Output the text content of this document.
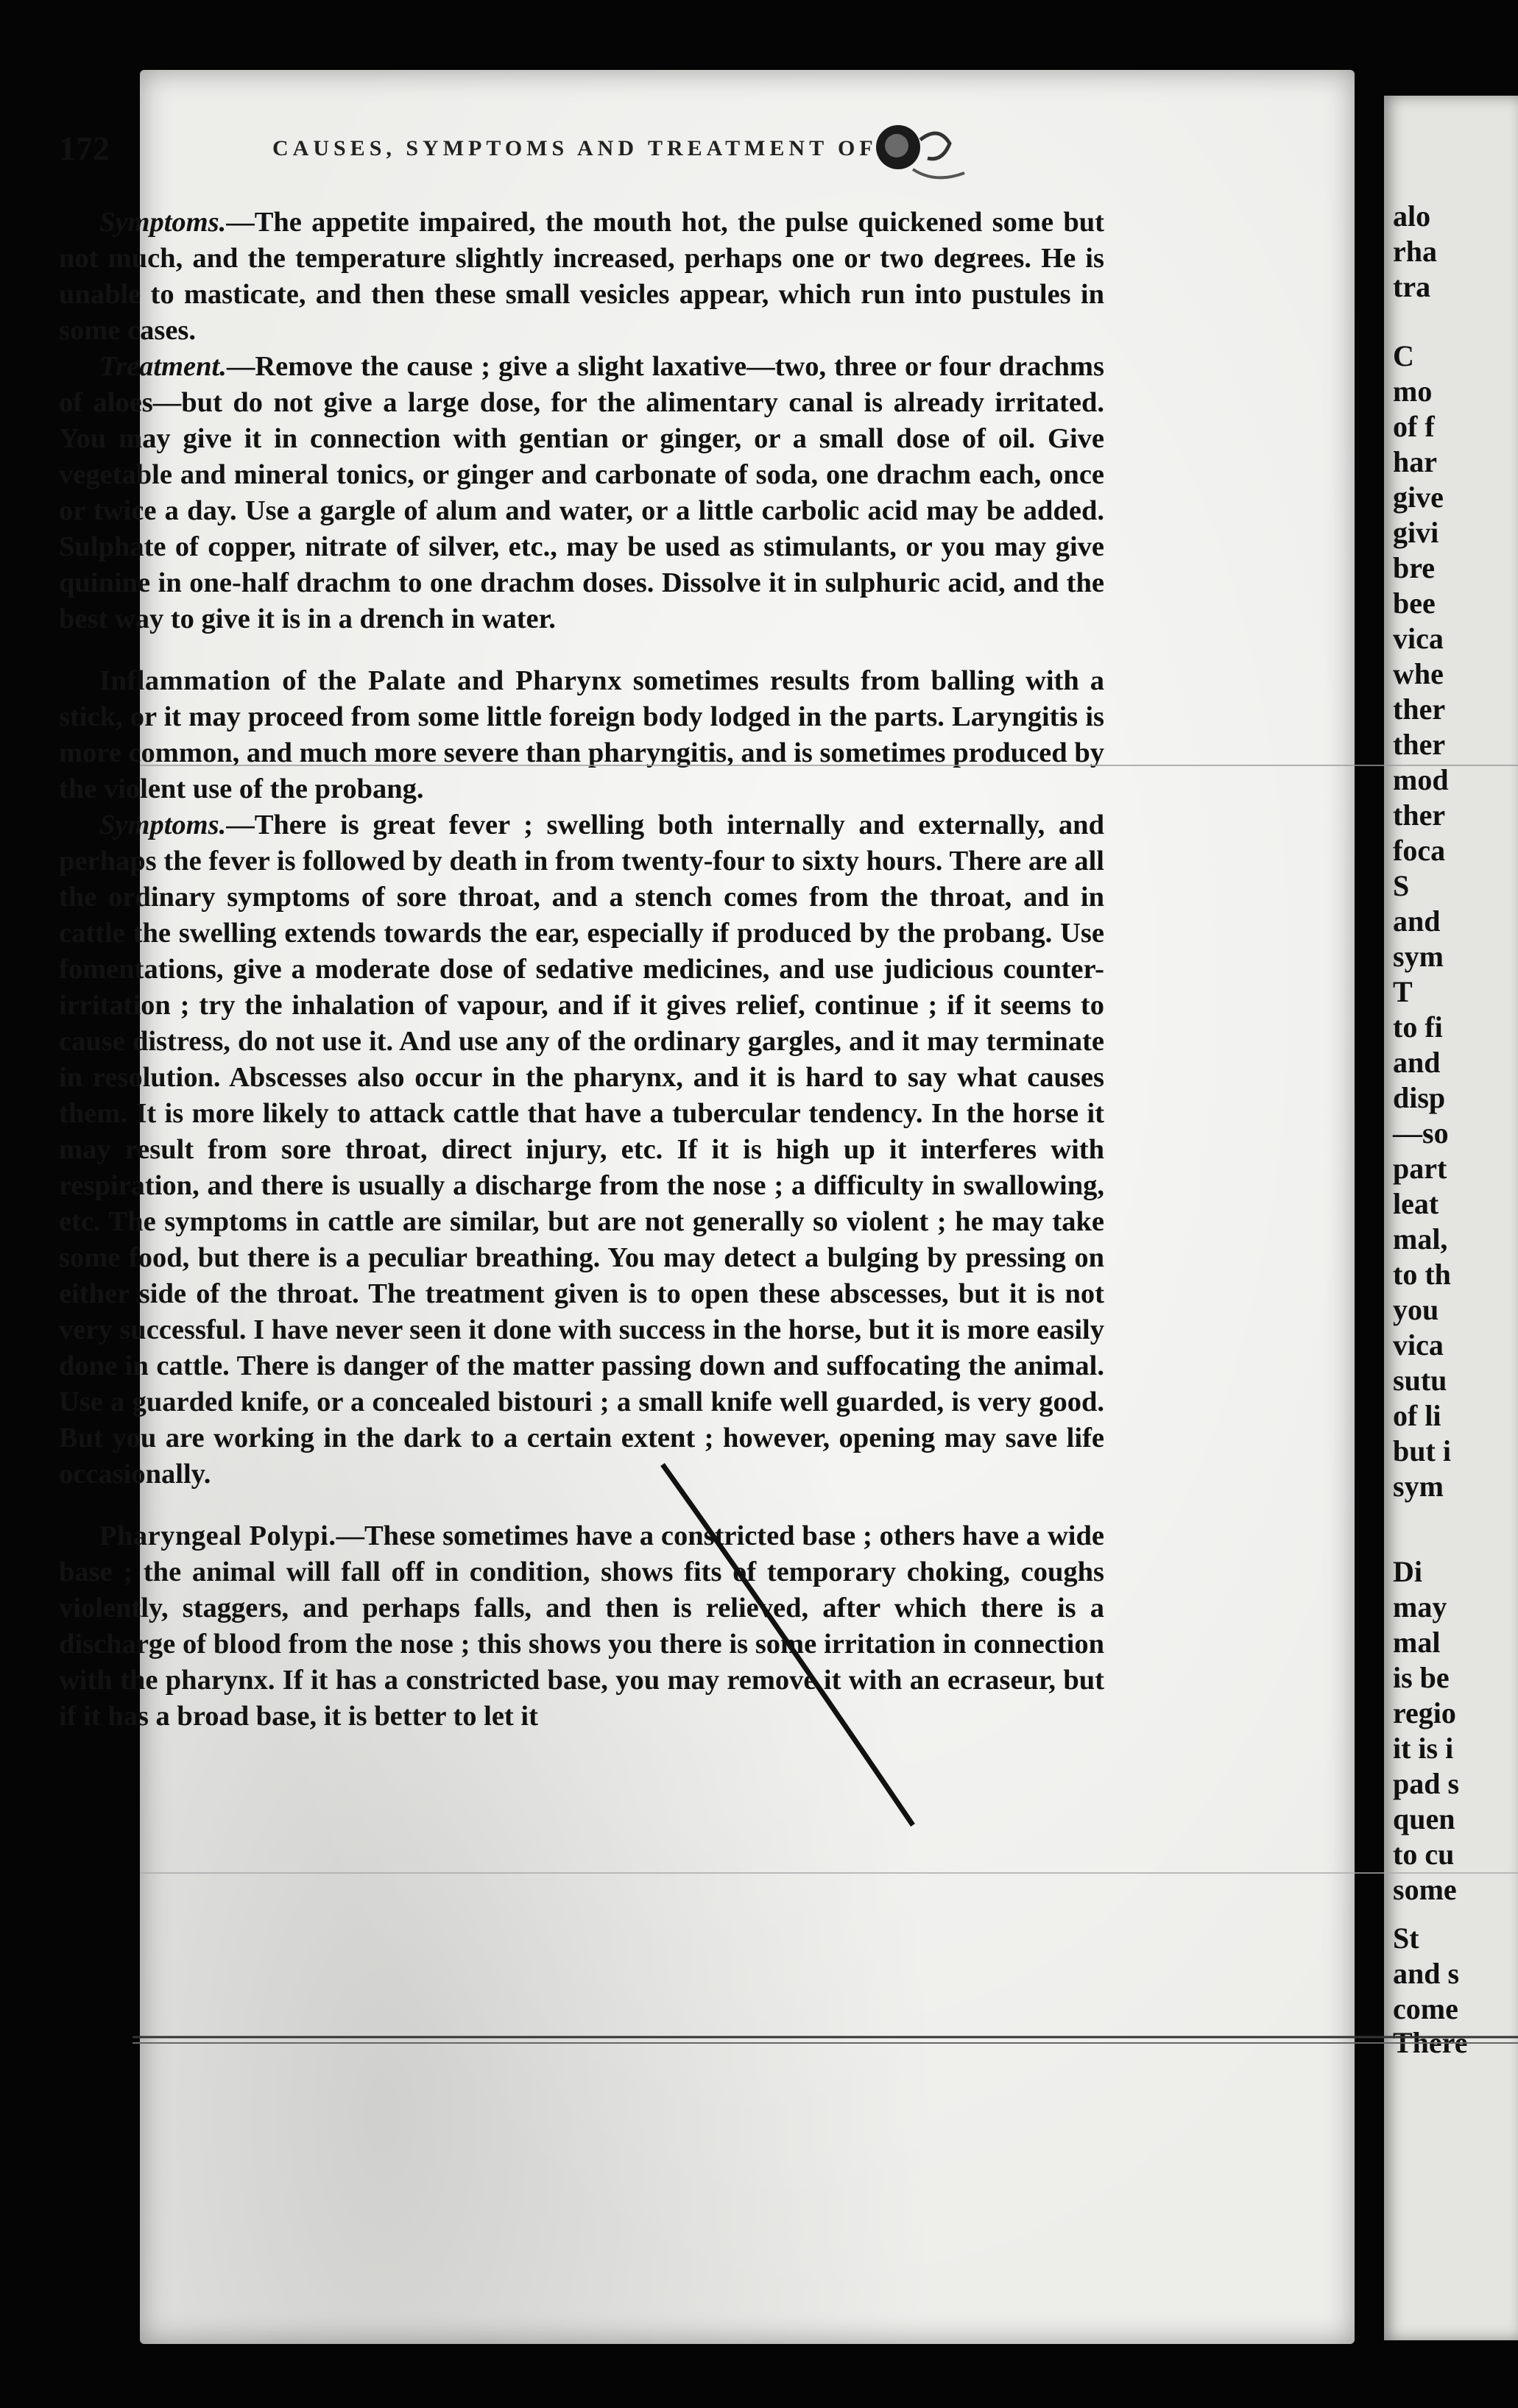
alo
rha
tra
C
mo
of f
har
give
givi
bre
bee
vica
whe
ther
ther
mod
ther
foca
S
and
sym
T
to fi
and
disp
—so
part
leat
mal,
to th
you
vica
sutu
of li
but i
sym
Di
may
mal
is be
regio
it is i
pad s
quen
to cu
some
St
and s
come
There
172	CAUSES, SYMPTOMS AND TREATMENT OF

Symptoms.—The appetite impaired, the mouth hot, the pulse quickened some but not much, and the temperature slightly increased, perhaps one or two degrees. He is unable to masticate, and then these small vesicles appear, which run into pustules in some cases.

Treatment.—Remove the cause ; give a slight laxative—two, three or four drachms of aloes—but do not give a large dose, for the alimentary canal is already irritated. You may give it in connection with gentian or ginger, or a small dose of oil. Give vegetable and mineral tonics, or ginger and carbonate of soda, one drachm each, once or twice a day. Use a gargle of alum and water, or a little carbolic acid may be added. Sulphate of copper, nitrate of silver, etc., may be used as stimulants, or you may give quinine in one-half drachm to one drachm doses. Dissolve it in sulphuric acid, and the best way to give it is in a drench in water.

Inflammation of the Palate and Pharynx sometimes results from balling with a stick, or it may proceed from some little foreign body lodged in the parts. Laryngitis is more common, and much more severe than pharyngitis, and is sometimes produced by the violent use of the probang.

Symptoms.—There is great fever ; swelling both internally and externally, and perhaps the fever is followed by death in from twenty-four to sixty hours. There are all the ordinary symptoms of sore throat, and a stench comes from the throat, and in cattle the swelling extends towards the ear, especially if produced by the probang. Use fomentations, give a moderate dose of sedative medicines, and use judicious counter-irritation ; try the inhalation of vapour, and if it gives relief, continue ; if it seems to cause distress, do not use it. And use any of the ordinary gargles, and it may terminate in resolution. Abscesses also occur in the pharynx, and it is hard to say what causes them. It is more likely to attack cattle that have a tubercular tendency. In the horse it may result from sore throat, direct injury, etc. If it is high up it interferes with respiration, and there is usually a discharge from the nose ; a difficulty in swallowing, etc. The symptoms in cattle are similar, but are not generally so violent ; he may take some food, but there is a peculiar breathing. You may detect a bulging by pressing on either side of the throat. The treatment given is to open these abscesses, but it is not very successful. I have never seen it done with success in the horse, but it is more easily done in cattle. There is danger of the matter passing down and suffocating the animal. Use a guarded knife, or a concealed bistouri ; a small knife well guarded, is very good. But you are working in the dark to a certain extent ; however, opening may save life occasionally.

Pharyngeal Polypi.—These sometimes have a constricted base ; others have a wide base ; the animal will fall off in condition, shows fits of temporary choking, coughs violently, staggers, and perhaps falls, and then is relieved, after which there is a discharge of blood from the nose ; this shows you there is some irritation in connection with the pharynx. If it has a constricted base, you may remove it with an ecraseur, but if it has a broad base, it is better to let it
